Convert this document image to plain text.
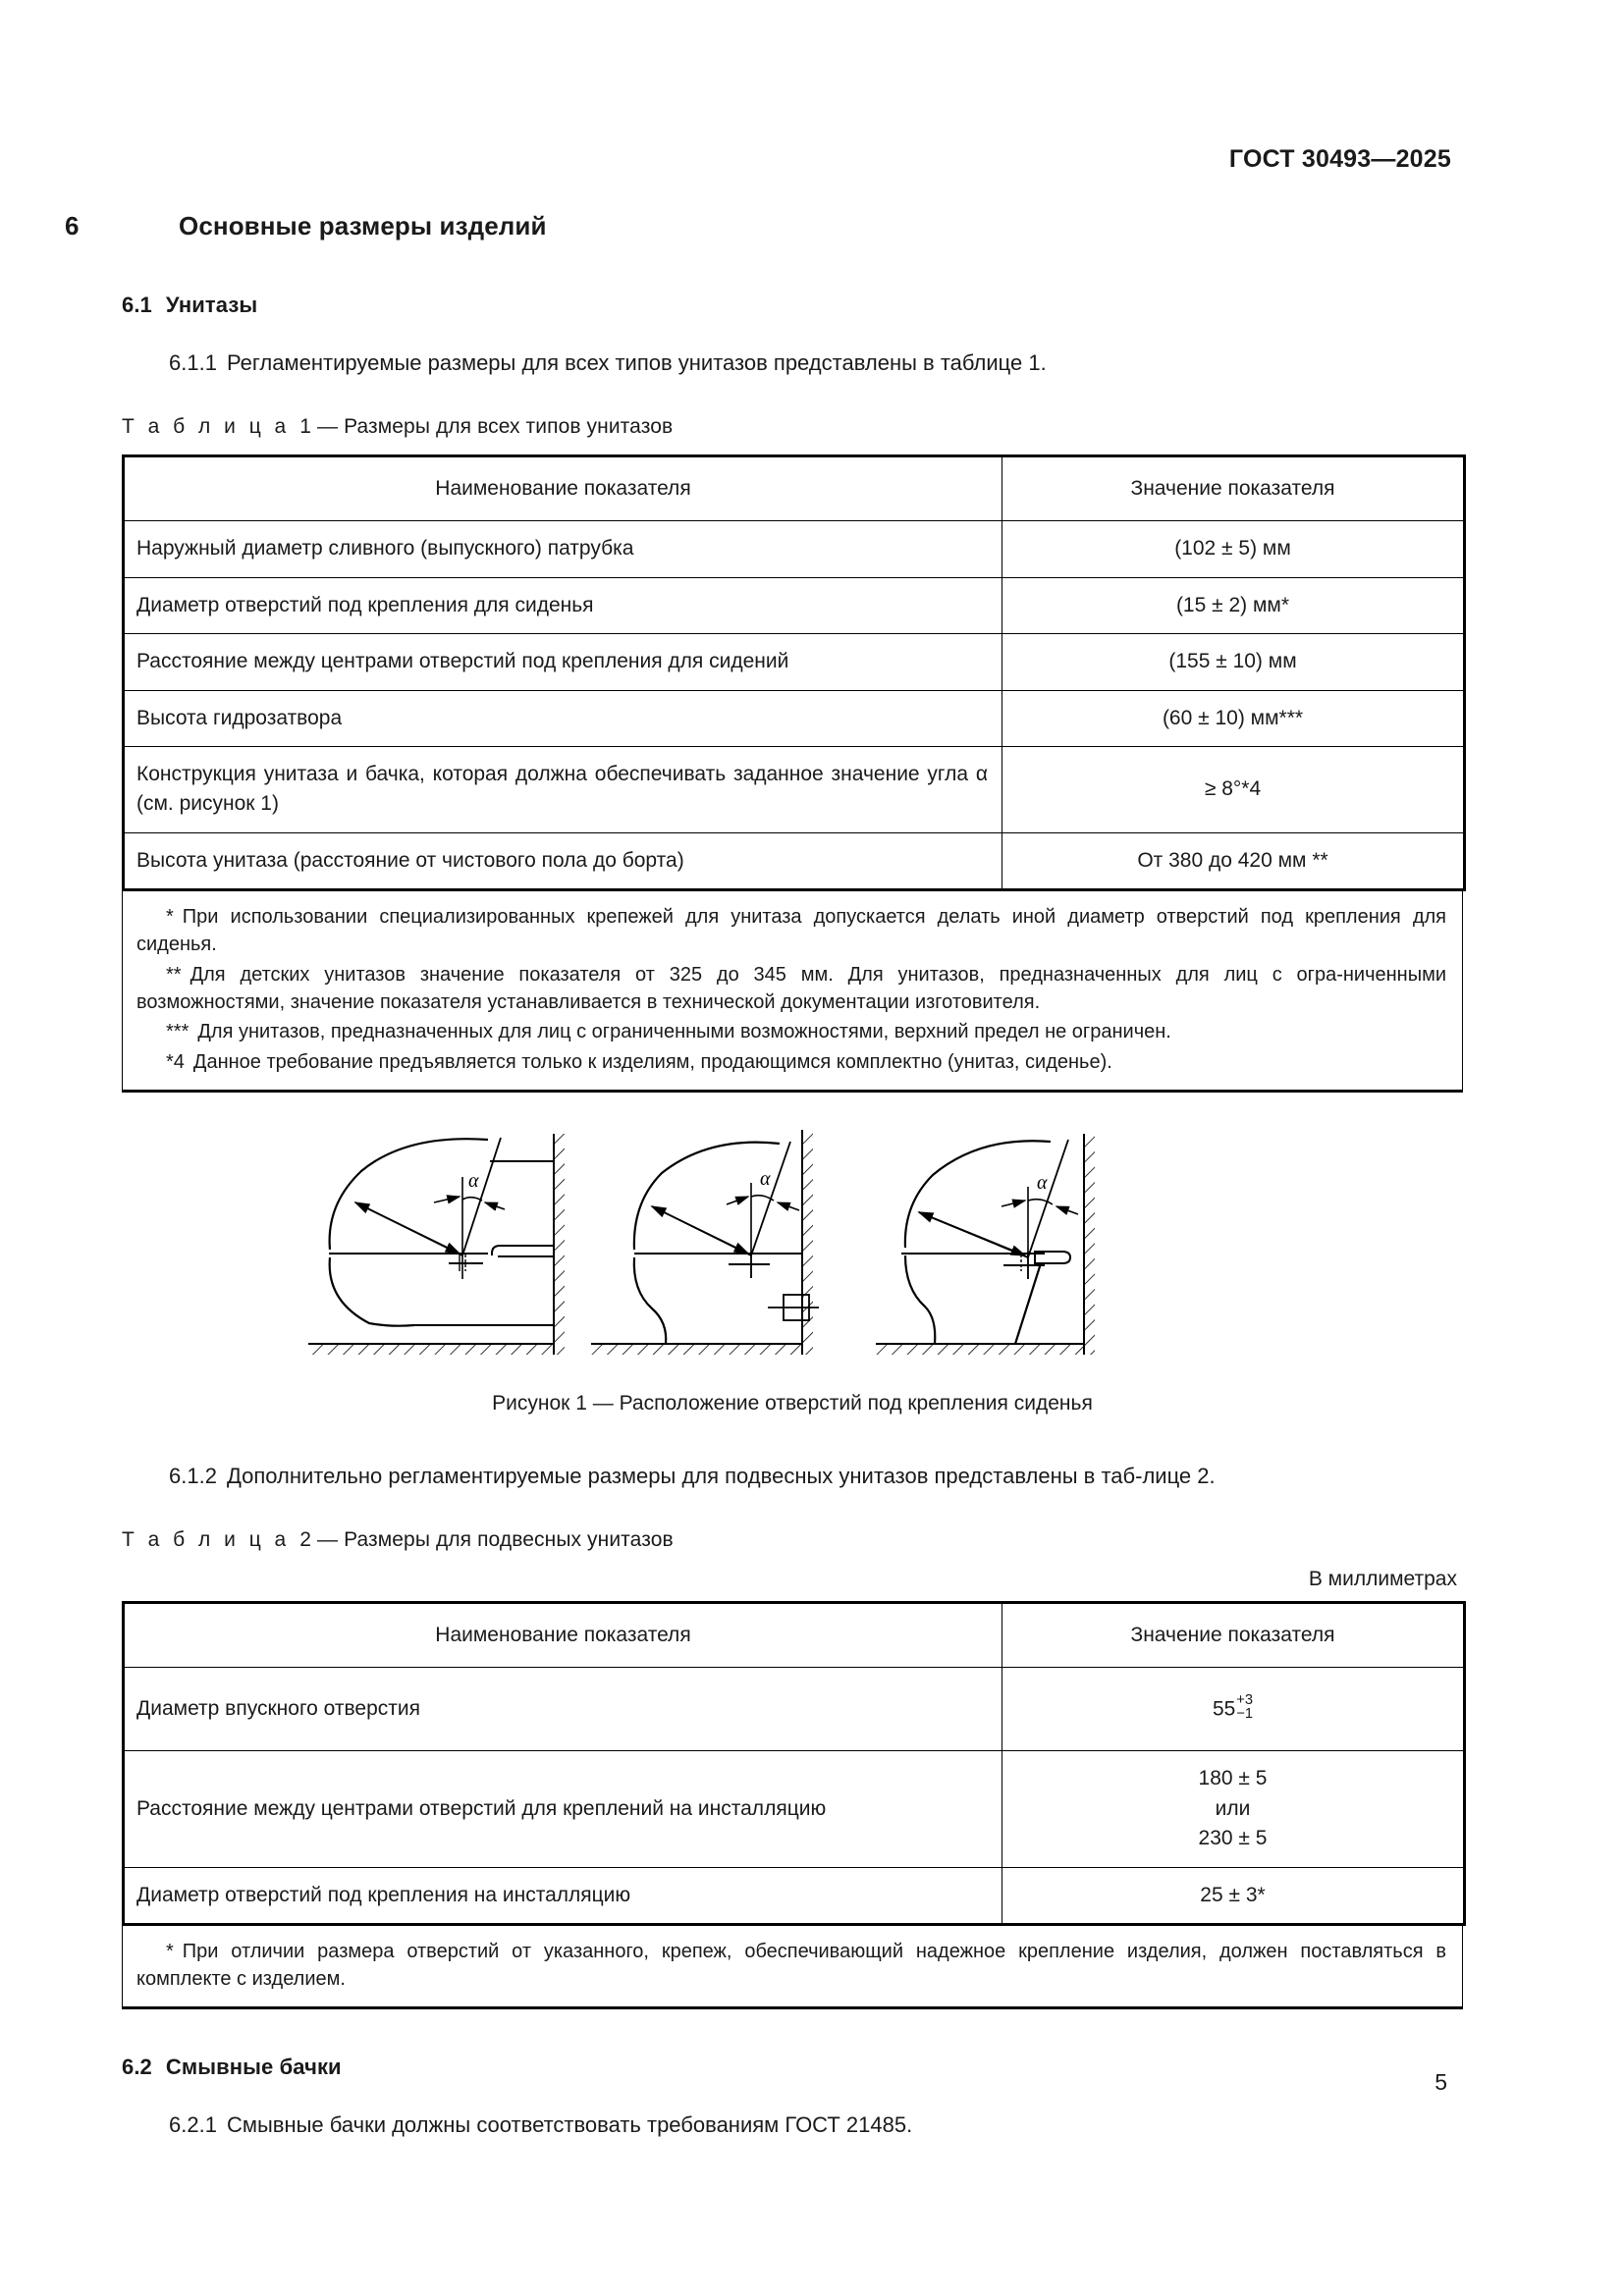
ГОСТ 30493—2025
6	Основные размеры изделий
6.1 Унитазы

6.1.1 Регламентируемые размеры для всех типов унитазов представлены в таблице 1.

Т а б л и ц а 1 — Размеры для всех типов унитазов
Наименование показателя	Значение показателя
Наружный диаметр сливного (выпускного) патрубка	(102 ± 5) мм
Диаметр отверстий под крепления для сиденья	(15 ± 2) мм*
Расстояние между центрами отверстий под крепления для сидений	(155 ± 10) мм
Высота гидрозатвора	(60 ± 10) мм***
Конструкция унитаза и бачка, которая должна обеспечивать заданное значение угла α (см. рисунок 1)	≥ 8°*4
Высота унитаза (расстояние от чистового пола до борта)	От 380 до 420 мм **

* При использовании специализированных крепежей для унитаза допускается делать иной диаметр отверстий под крепления для сиденья.

** Для детских унитазов значение показателя от 325 до 345 мм. Для унитазов, предназначенных для лиц с огра-ниченными возможностями, значение показателя устанавливается в технической документации изготовителя.

*** Для унитазов, предназначенных для лиц с ограниченными возможностями, верхний предел не ограничен.

*4 Данное требование предъявляется только к изделиям, продающимся комплектно (унитаз, сиденье).

α	α	α
Рисунок 1 — Расположение отверстий под крепления сиденья

6.1.2 Дополнительно регламентируемые размеры для подвесных унитазов представлены в таб-лице 2.

Т а б л и ц а 2 — Размеры для подвесных унитазов
В миллиметрах
Наименование показателя	Значение показателя
Диаметр впускного отверстия	55 +3
−1

Расстояние между центрами отверстий для креплений на инсталляцию	180 ± 5
или
230 ± 5

Диаметр отверстий под крепления на инсталляцию	25 ± 3*

* При отличии размера отверстий от указанного, крепеж, обеспечивающий надежное крепление изделия, должен поставляться в комплекте с изделием.

6.2 Смывные бачки

6.2.1 Смывные бачки должны соответствовать требованиям ГОСТ 21485.

5
